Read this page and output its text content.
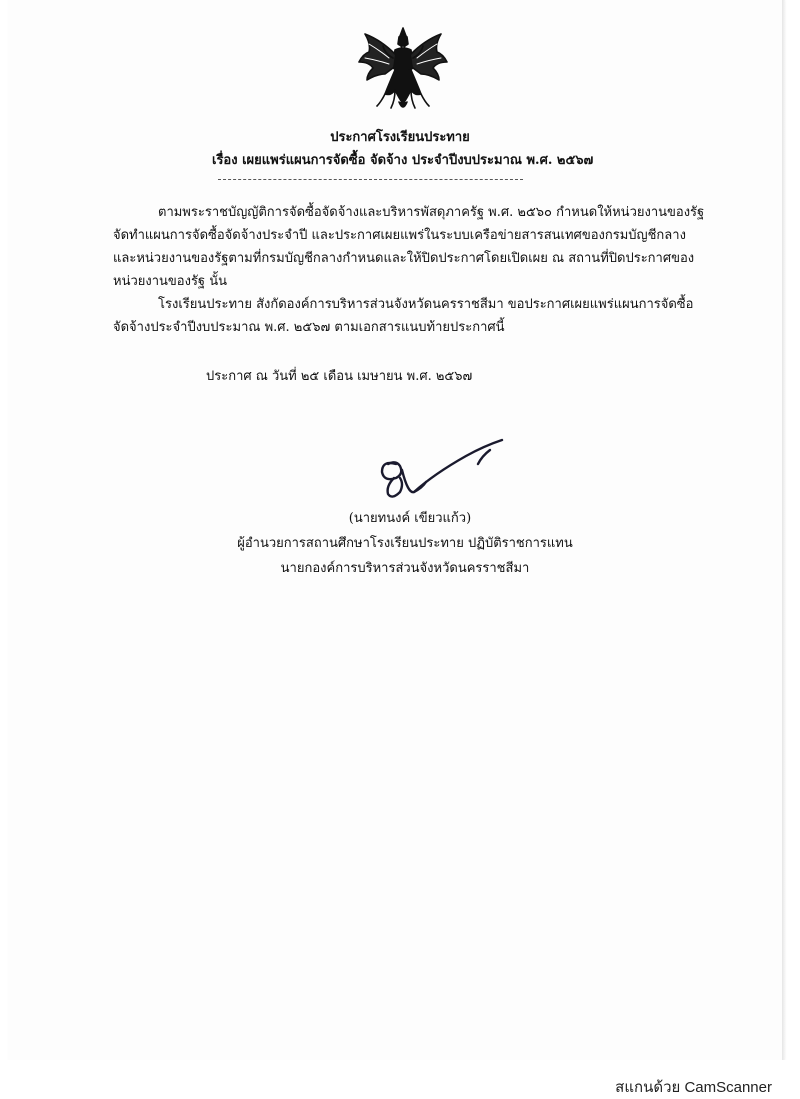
ประกาศโรงเรียนประทาย
เรื่อง เผยแพร่แผนการจัดซื้อ จัดจ้าง ประจำปีงบประมาณ พ.ศ. ๒๕๖๗
ตามพระราชบัญญัติการจัดซื้อจัดจ้างและบริหารพัสดุภาครัฐ พ.ศ. ๒๕๖๐ กำหนดให้หน่วยงานของรัฐ
จัดทำแผนการจัดซื้อจัดจ้างประจำปี และประกาศเผยแพร่ในระบบเครือข่ายสารสนเทศของกรมบัญชีกลาง
และหน่วยงานของรัฐตามที่กรมบัญชีกลางกำหนดและให้ปิดประกาศโดยเปิดเผย ณ สถานที่ปิดประกาศของ
หน่วยงานของรัฐ นั้น
โรงเรียนประทาย สังกัดองค์การบริหารส่วนจังหวัดนครราชสีมา ขอประกาศเผยแพร่แผนการจัดซื้อ
จัดจ้างประจำปีงบประมาณ พ.ศ. ๒๕๖๗ ตามเอกสารแนบท้ายประกาศนี้
ประกาศ ณ วันที่ ๒๕ เดือน เมษายน พ.ศ. ๒๕๖๗
(นายทนงค์ เขียวแก้ว)
ผู้อำนวยการสถานศึกษาโรงเรียนประทาย ปฏิบัติราชการแทน
นายกองค์การบริหารส่วนจังหวัดนครราชสีมา
สแกนด้วย CamScanner
